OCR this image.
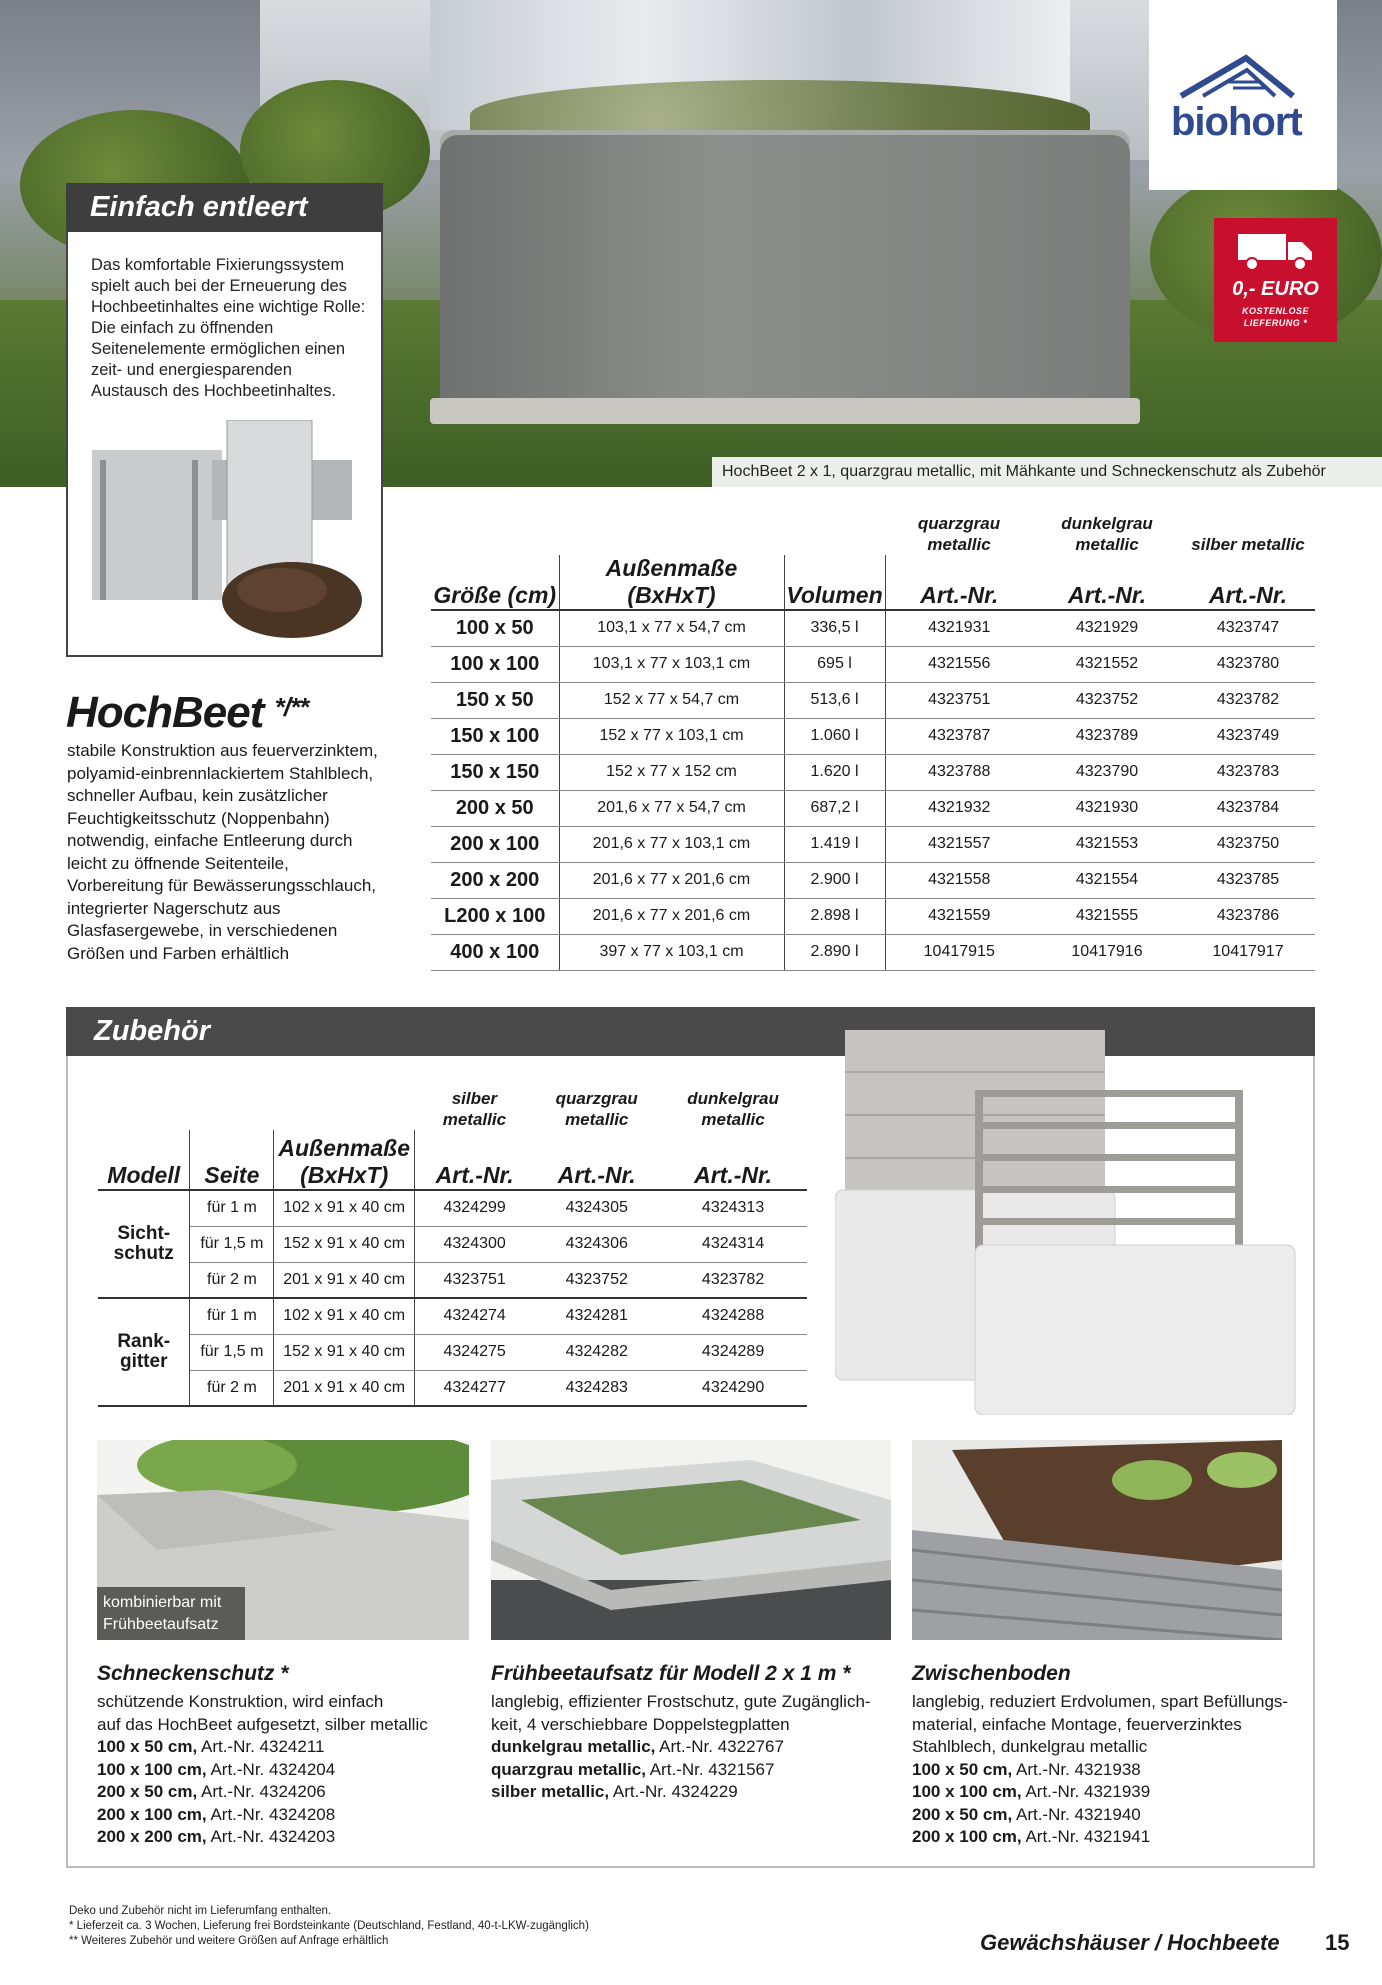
HochBeet 2 x 1, quarzgrau metallic, mit Mähkante und Schneckenschutz als Zubehör
biohort
0,- EURO
KOSTENLOSE
LIEFERUNG *
Einfach entleert
Das komfortable Fixierungssystem spielt auch bei der Erneuerung des Hochbeetinhaltes eine wichtige Rolle: Die einfach zu öffnenden Seitenelemente ermöglichen einen zeit- und energiesparenden Austausch des Hochbeetinhaltes.
HochBeet */**
stabile Konstruktion aus feuerverzinktem, polyamid-einbrennlackiertem Stahlblech, schneller Aufbau, kein zusätzlicher Feuchtigkeitsschutz (Noppenbahn) notwendig, einfache Entleerung durch leicht zu öffnende Seitenteile, Vorbereitung für Bewässerungsschlauch, integrierter Nagerschutz aus Glasfasergewebe, in verschiedenen Größen und Farben erhältlich
			quarzgrau metallic	dunkelgrau metallic	silber metallic
Größe (cm)	Außenmaße (BxHxT)	Volumen	Art.-Nr.	Art.-Nr.	Art.-Nr.
100 x 50	103,1 x 77 x 54,7 cm	336,5 l	4321931	4321929	4323747
100 x 100	103,1 x 77 x 103,1 cm	695 l	4321556	4321552	4323780
150 x 50	152 x 77 x 54,7 cm	513,6 l	4323751	4323752	4323782
150 x 100	152 x 77 x 103,1 cm	1.060 l	4323787	4323789	4323749
150 x 150	152 x 77 x 152 cm	1.620 l	4323788	4323790	4323783
200 x 50	201,6 x 77 x 54,7 cm	687,2 l	4321932	4321930	4323784
200 x 100	201,6 x 77 x 103,1 cm	1.419 l	4321557	4321553	4323750
200 x 200	201,6 x 77 x 201,6 cm	2.900 l	4321558	4321554	4323785
L200 x 100	201,6 x 77 x 201,6 cm	2.898 l	4321559	4321555	4323786
400 x 100	397 x 77 x 103,1 cm	2.890 l	10417915	10417916	10417917
Zubehör
			silber metallic	quarzgrau metallic	dunkelgrau metallic
Modell	Seite	Außenmaße (BxHxT)	Art.-Nr.	Art.-Nr.	Art.-Nr.
Sicht-schutz	für 1 m	102 x 91 x 40 cm	4324299	4324305	4324313
	für 1,5 m	152 x 91 x 40 cm	4324300	4324306	4324314
	für 2 m	201 x 91 x 40 cm	4323751	4323752	4323782
Rank-gitter	für 1 m	102 x 91 x 40 cm	4324274	4324281	4324288
	für 1,5 m	152 x 91 x 40 cm	4324275	4324282	4324289
	für 2 m	201 x 91 x 40 cm	4324277	4324283	4324290
kombinierbar mit Frühbeetaufsatz
Schneckenschutz *
schützende Konstruktion, wird einfach
auf das HochBeet aufgesetzt, silber metallic
100 x 50 cm, Art.-Nr. 4324211
100 x 100 cm, Art.-Nr. 4324204
200 x 50 cm, Art.-Nr. 4324206
200 x 100 cm, Art.-Nr. 4324208
200 x 200 cm, Art.-Nr. 4324203
Frühbeetaufsatz für Modell 2 x 1 m *
langlebig, effizienter Frostschutz, gute Zugänglich-
keit, 4 verschiebbare Doppelstegplatten
dunkelgrau metallic, Art.-Nr. 4322767
quarzgrau metallic, Art.-Nr. 4321567
silber metallic, Art.-Nr. 4324229
Zwischenboden
langlebig, reduziert Erdvolumen, spart Befüllungs-
material, einfache Montage, feuerverzinktes
Stahlblech, dunkelgrau metallic
100 x 50 cm, Art.-Nr. 4321938
100 x 100 cm, Art.-Nr. 4321939
200 x 50 cm, Art.-Nr. 4321940
200 x 100 cm, Art.-Nr. 4321941
Deko und Zubehör nicht im Lieferumfang enthalten.
* Lieferzeit ca. 3 Wochen, Lieferung frei Bordsteinkante (Deutschland, Festland, 40-t-LKW-zugänglich)
** Weiteres Zubehör und weitere Größen auf Anfrage erhältlich	Gewächshäuser / Hochbeete 15
